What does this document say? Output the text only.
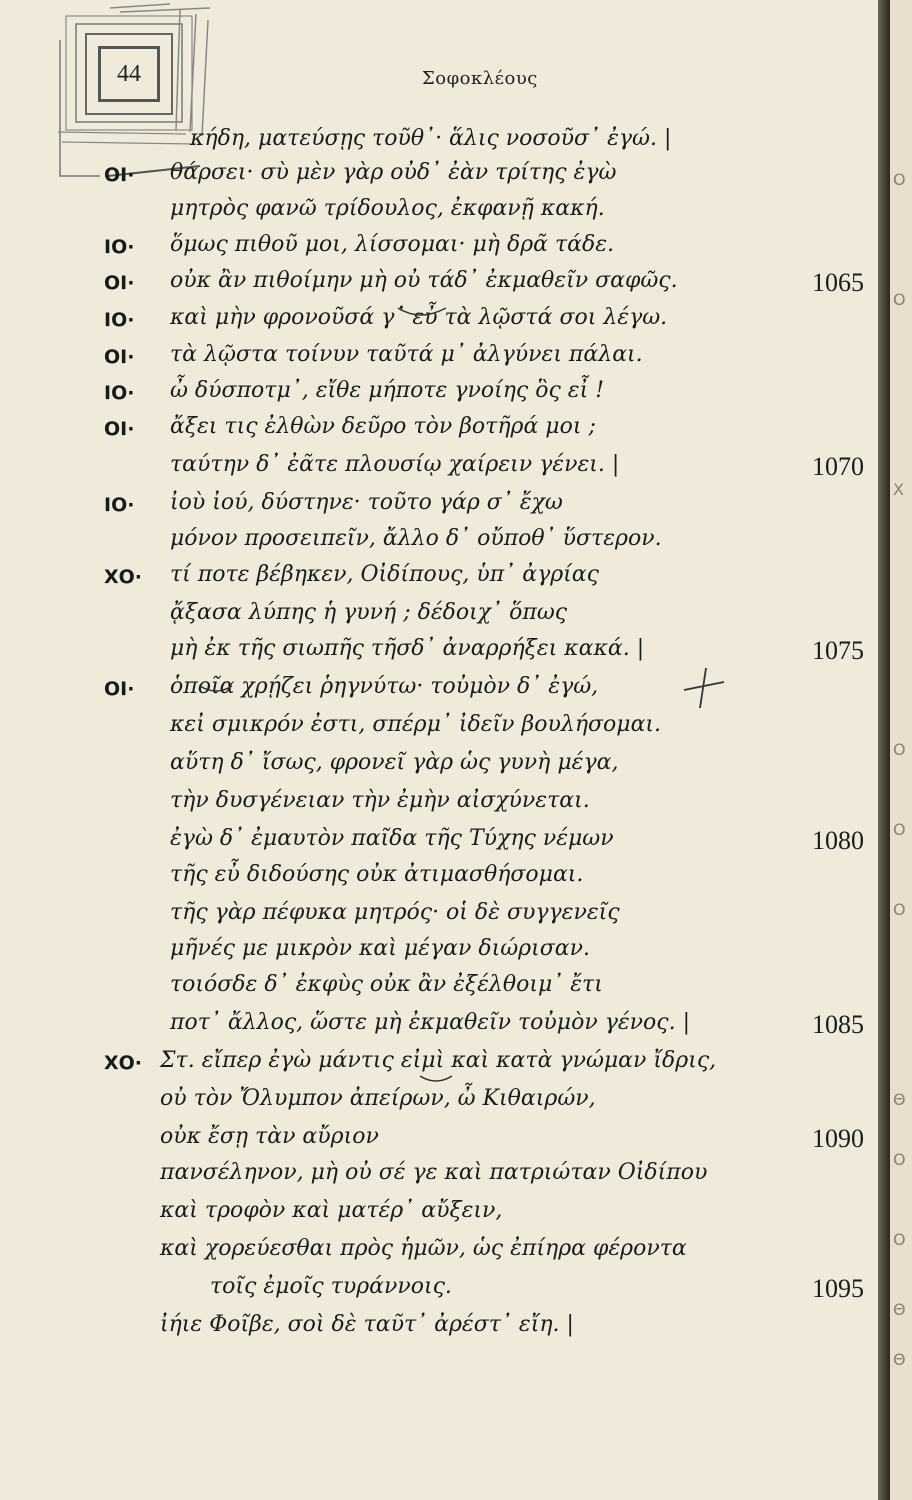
44	Σοφοκλέους
κήδη, ματεύσῃς τοῦθ᾽· ἅλις νοσοῦσ᾽ ἐγώ. |
ΟΙ· θάρσει· σὺ μὲν γὰρ οὐδ᾽ ἐὰν τρίτης ἐγὼ
μητρὸς φανῶ τρίδουλος, ἐκφανῇ κακή.
ΙΟ· ὅμως πιθοῦ μοι, λίσσομαι· μὴ δρᾶ τάδε.
ΟΙ· οὐκ ἂν πιθοίμην μὴ οὐ τάδ᾽ ἐκμαθεῖν σαφῶς.	1065
ΙΟ· καὶ μὴν φρονοῦσά γ᾽ εὖ τὰ λῷστά σοι λέγω.
ΟΙ· τὰ λῷστα τοίνυν ταῦτά μ᾽ ἀλγύνει πάλαι.
ΙΟ· ὦ δύσποτμ᾽, εἴθε μήποτε γνοίης ὃς εἶ !
ΟΙ· ἄξει τις ἐλθὼν δεῦρο τὸν βοτῆρά μοι ;
ταύτην δ᾽ ἐᾶτε πλουσίῳ χαίρειν γένει. |	1070
ΙΟ· ἰοὺ ἰού, δύστηνε· τοῦτο γάρ σ᾽ ἔχω
μόνον προσειπεῖν, ἄλλο δ᾽ οὔποθ᾽ ὕστερον.
ΧΟ· τί ποτε βέβηκεν, Οἰδίπους, ὑπ᾽ ἀγρίας
ᾄξασα λύπης ἡ γυνή ; δέδοιχ᾽ ὅπως
μὴ ἐκ τῆς σιωπῆς τῆσδ᾽ ἀναρρήξει κακά. |	1075
ΟΙ· ὁποῖα χρῄζει ῥηγνύτω· τοὐμὸν δ᾽ ἐγώ,
κεἰ σμικρόν ἐστι, σπέρμ᾽ ἰδεῖν βουλήσομαι.
αὕτη δ᾽ ἴσως, φρονεῖ γὰρ ὡς γυνὴ μέγα,
τὴν δυσγένειαν τὴν ἐμὴν αἰσχύνεται.
ἐγὼ δ᾽ ἐμαυτὸν παῖδα τῆς Τύχης νέμων	1080
τῆς εὖ διδούσης οὐκ ἀτιμασθήσομαι.
τῆς γὰρ πέφυκα μητρός· οἱ δὲ συγγενεῖς
μῆνές με μικρὸν καὶ μέγαν διώρισαν.
τοιόσδε δ᾽ ἐκφὺς οὐκ ἂν ἐξέλθοιμ᾽ ἔτι
ποτ᾽ ἄλλος, ὥστε μὴ ἐκμαθεῖν τοὐμὸν γένος. |	1085
ΧΟ· Στ. εἴπερ ἐγὼ μάντις εἰμὶ καὶ κατὰ γνώμαν ἴδρις,
οὐ τὸν Ὄλυμπον ἀπείρων, ὦ Κιθαιρών,
οὐκ ἔσῃ τὰν αὔριον	1090
πανσέληνον, μὴ οὐ σέ γε καὶ πατριώταν Οἰδίπου
καὶ τροφὸν καὶ ματέρ᾽ αὔξειν,
καὶ χορεύεσθαι πρὸς ἡμῶν, ὡς ἐπίηρα φέροντα
τοῖς ἐμοῖς τυράννοις.	1095
ἰήιε Φοῖβε, σοὶ δὲ ταῦτ᾽ ἀρέστ᾽ εἴη. |
Ο
Ο
Χ
Ο
Ο
Ο
Θ
Ο
Ο
Θ
Θ
